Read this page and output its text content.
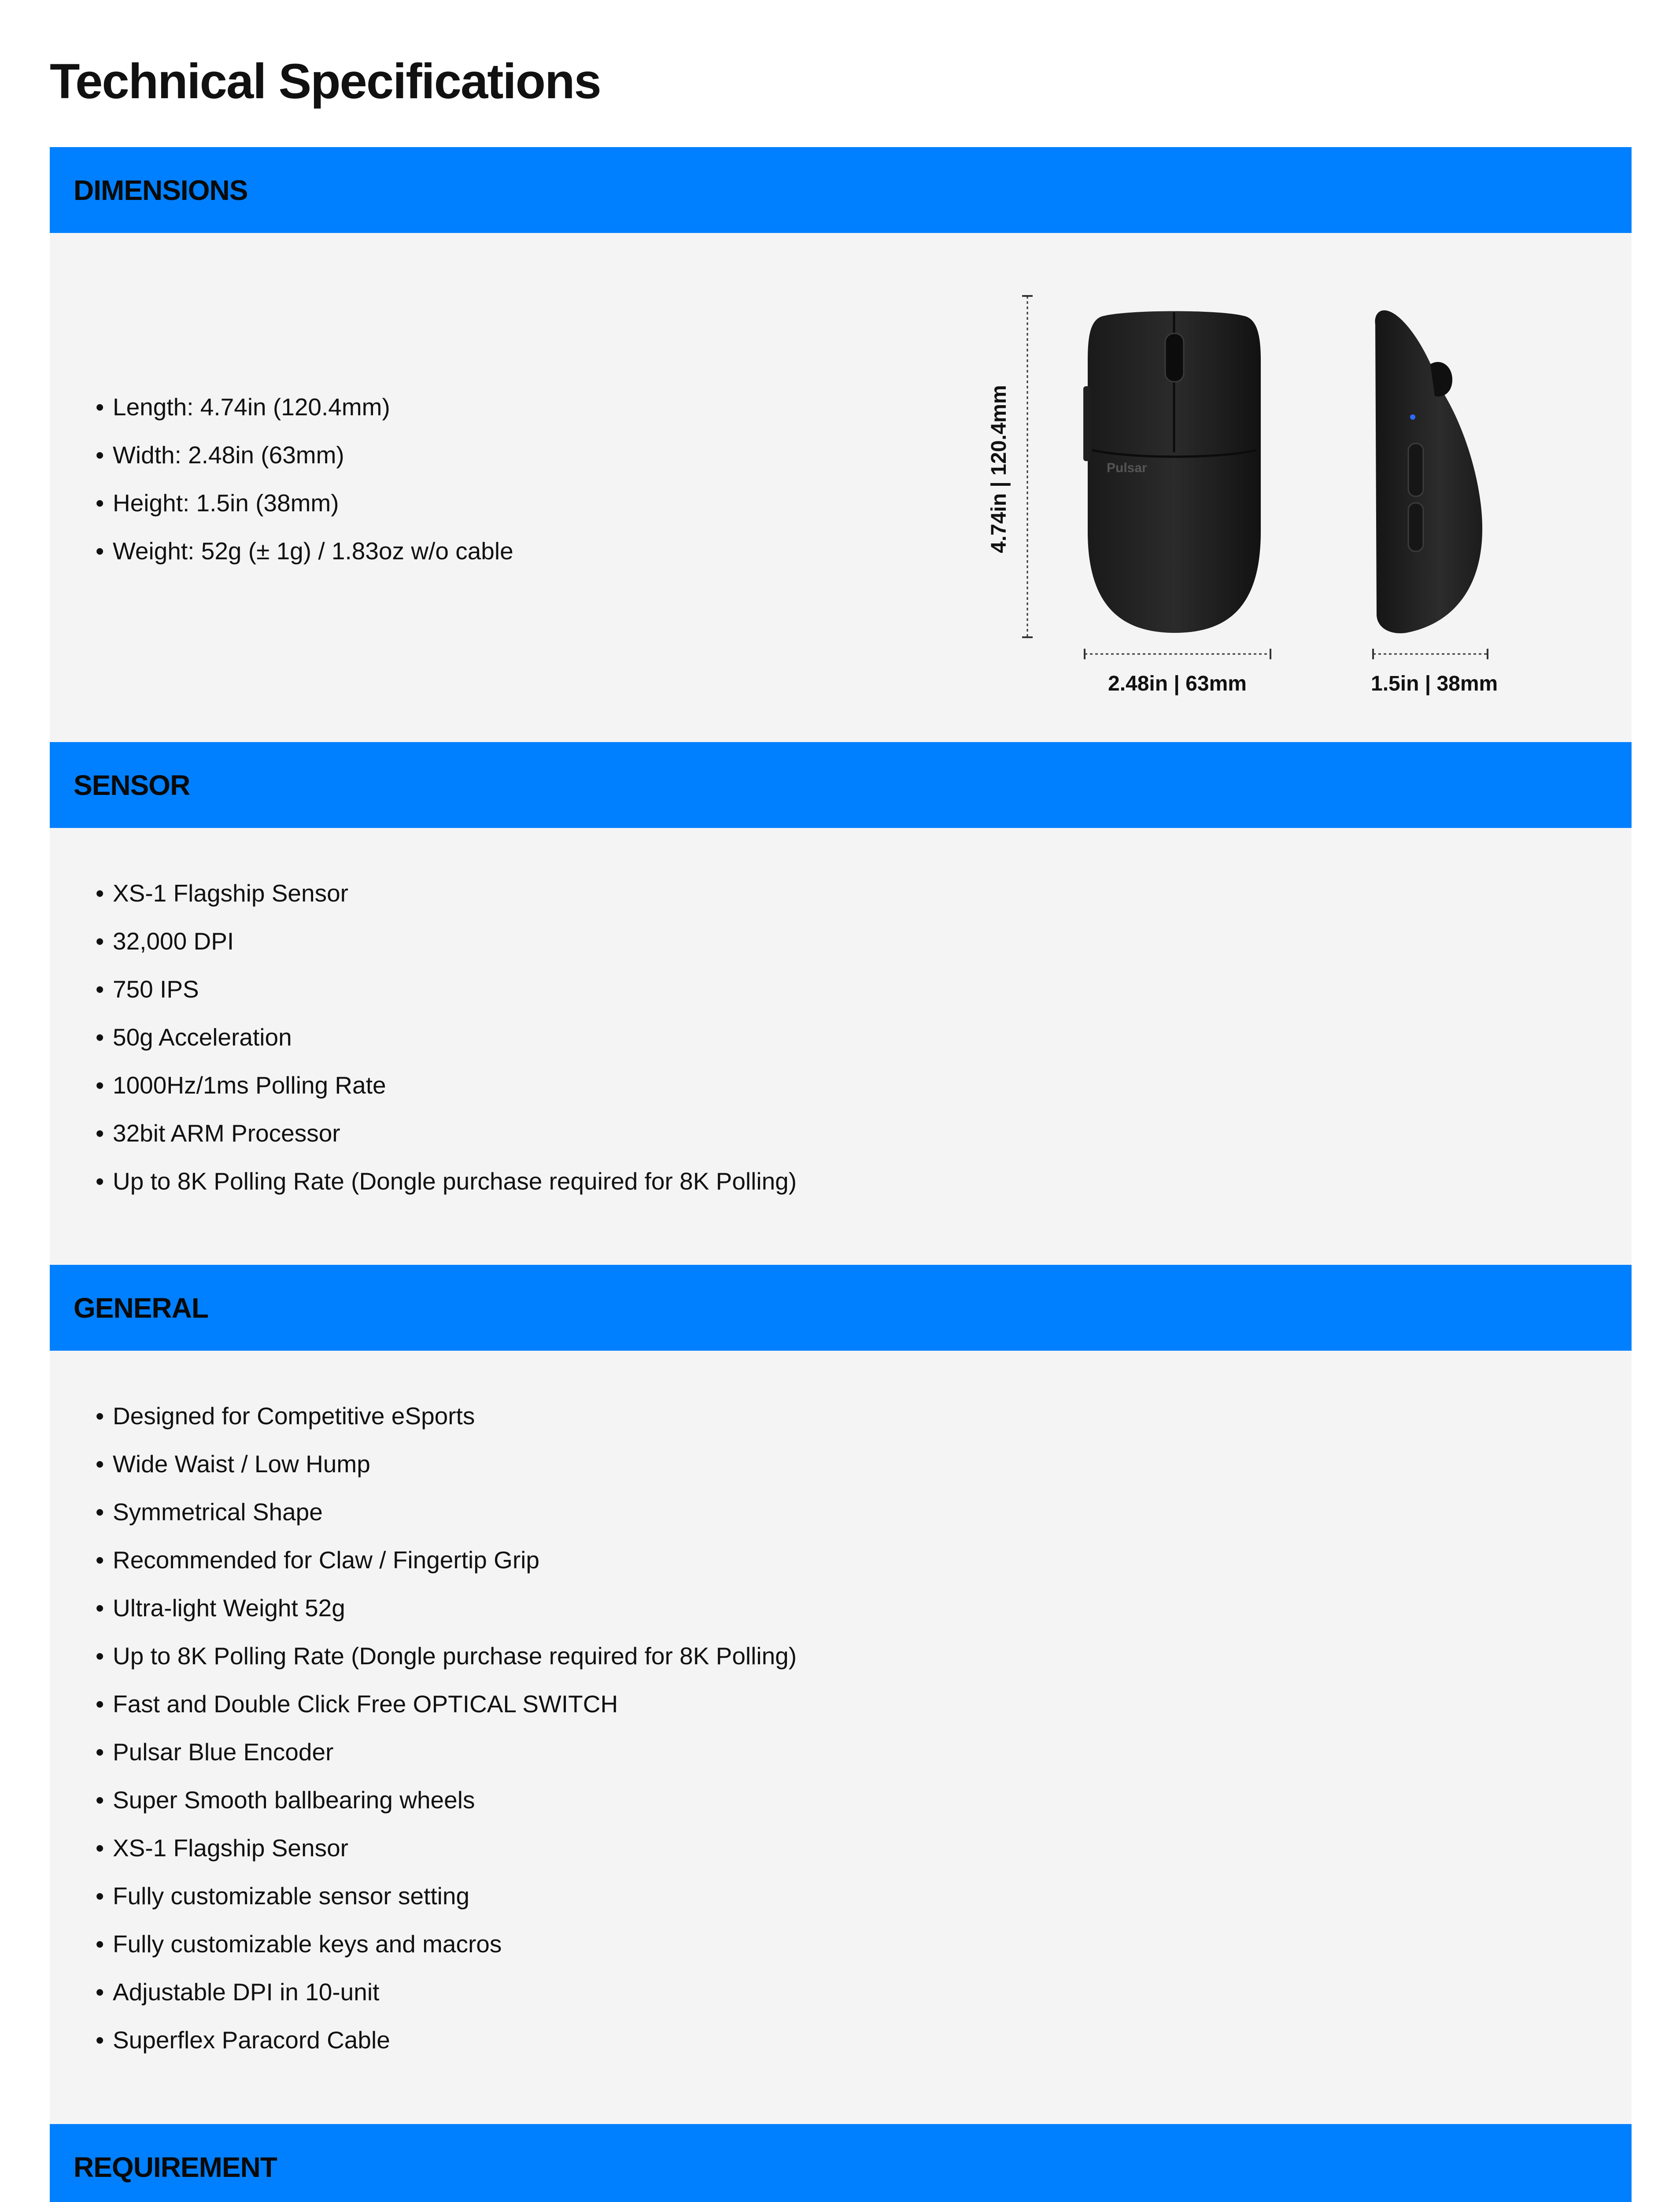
Technical Specifications
DIMENSIONS
• Length: 4.74in (120.4mm)
• Width: 2.48in (63mm)
• Height: 1.5in (38mm)
• Weight: 52g (± 1g) / 1.83oz w/o cable	4.74in | 120.4mm	Pulsar
2.48in | 63mm	1.5in | 38mm
SENSOR
• XS-1 Flagship Sensor
• 32,000 DPI
• 750 IPS
• 50g Acceleration
• 1000Hz/1ms Polling Rate
• 32bit ARM Processor
• Up to 8K Polling Rate (Dongle purchase required for 8K Polling)
GENERAL
• Designed for Competitive eSports
• Wide Waist / Low Hump
• Symmetrical Shape
• Recommended for Claw / Fingertip Grip
• Ultra-light Weight 52g
• Up to 8K Polling Rate (Dongle purchase required for 8K Polling)
• Fast and Double Click Free OPTICAL SWITCH
• Pulsar Blue Encoder
• Super Smooth ballbearing wheels
• XS-1 Flagship Sensor
• Fully customizable sensor setting
• Fully customizable keys and macros
• Adjustable DPI in 10-unit
• Superflex Paracord Cable
REQUIREMENT
